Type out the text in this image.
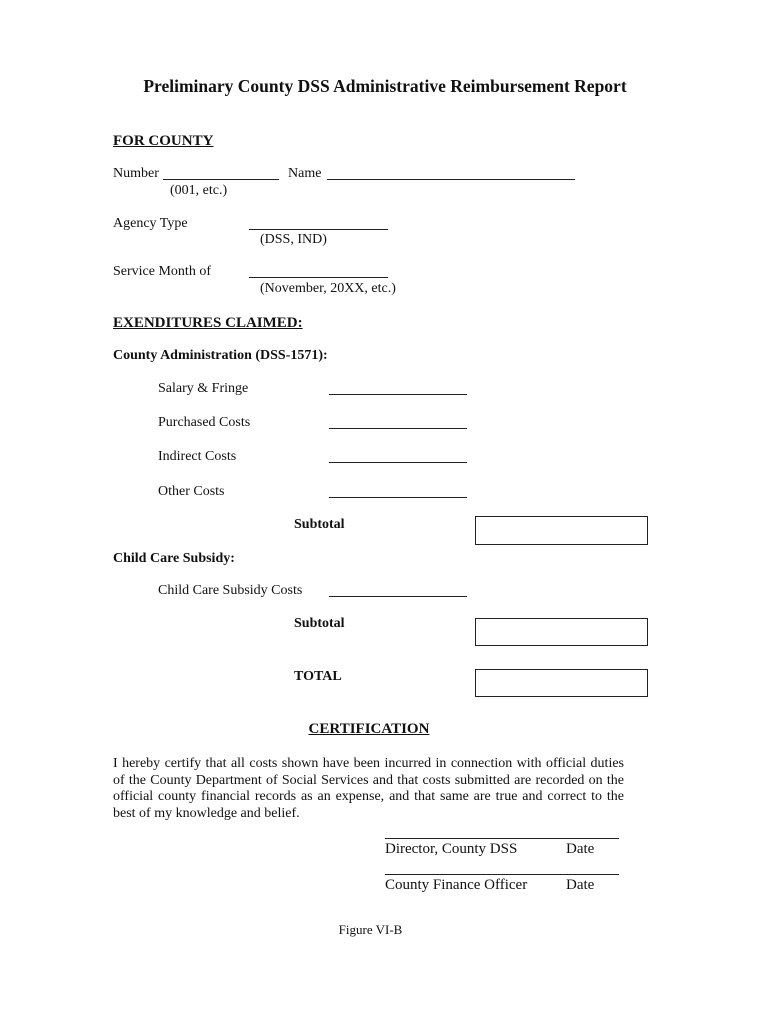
Preliminary County DSS Administrative Reimbursement Report
FOR COUNTY
Number
(001, etc.)
Name
Agency Type
(DSS, IND)
Service Month of
(November, 20XX, etc.)
EXENDITURES CLAIMED:
County Administration (DSS-1571):
Salary & Fringe
Purchased Costs
Indirect Costs
Other Costs
Subtotal
Child Care Subsidy:
Child Care Subsidy Costs
Subtotal
TOTAL
CERTIFICATION
I hereby certify that all costs shown have been incurred in connection with official duties of the County Department of Social Services and that costs submitted are recorded on the official county financial records as an expense, and that same are true and correct to the best of my knowledge and belief.
Director, County DSS	Date
County Finance Officer	Date
Figure VI-B
